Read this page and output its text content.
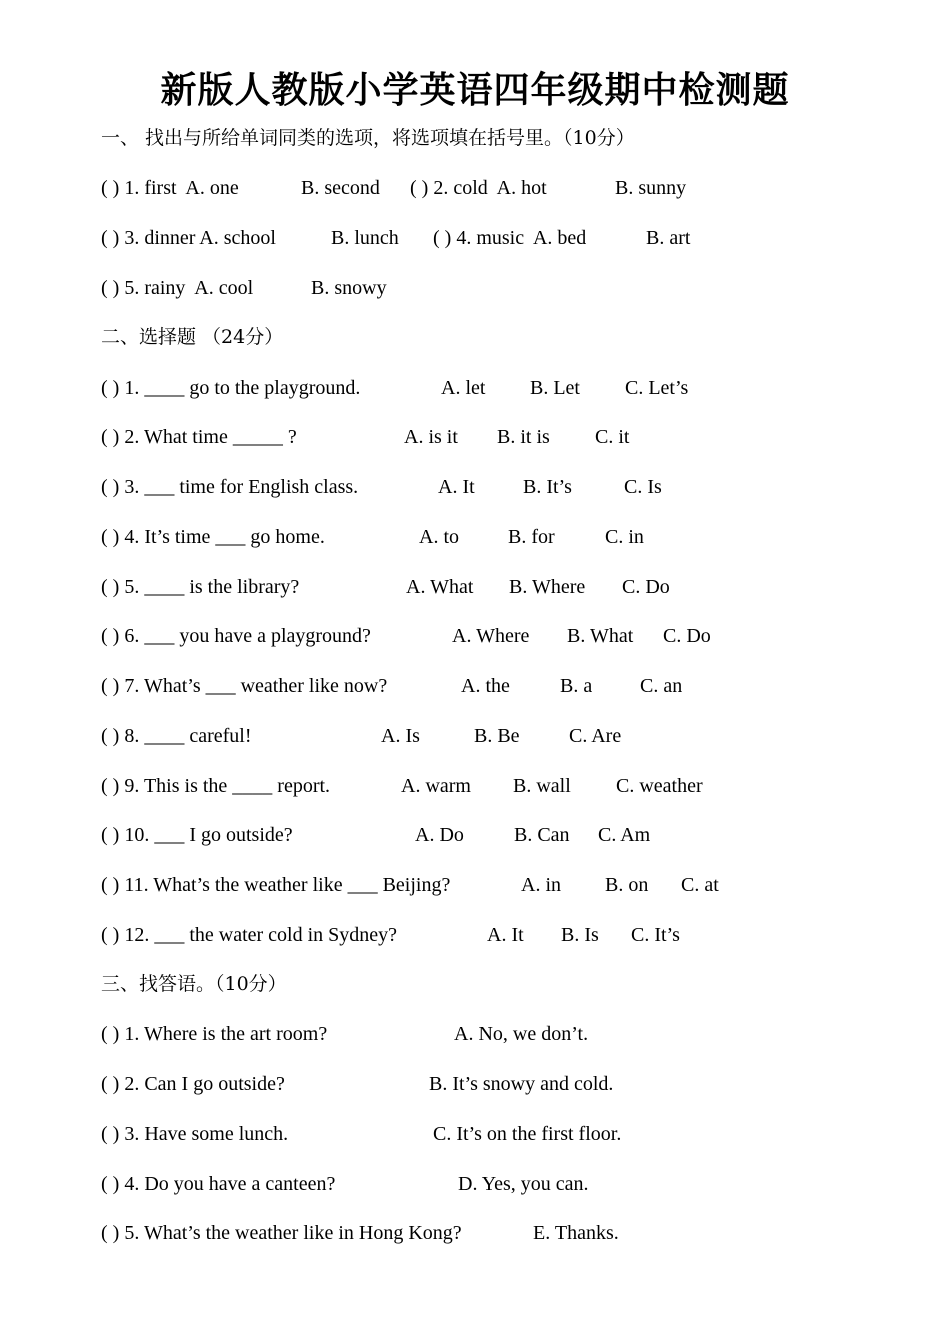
新版人教版小学英语四年级期中检测题
一、 找出与所给单词同类的选项，将选项填在括号里。（10分）
( ) 1. first  A. one	B. second ( ) 2. cold  A. hot	B. sunny
( ) 3. dinner A. school	B. lunch ( ) 4. music  A. bed	B. art
( ) 5. rainy  A. cool	B. snowy
二、选择题 （24分）
( ) 1. ____ go to the playground.	A. let B. Let C. Let’s
( ) 2. What time _____ ?	A. is it B. it is C. it
( ) 3. ___ time for English class.	A. It B. It’s	C. Is
( ) 4. It’s time ___ go home.	A. to B. for	C. in
( ) 5. ____ is the library?	A. What B. Where C. Do
( ) 6. ___ you have a playground?	A. Where B. What C. Do
( ) 7. What’s ___ weather like now?	A. the	B. a C. an
( ) 8. ____ careful!	A. Is	B. Be C. Are
( ) 9. This is the ____ report.	A. warm B. wall C. weather
( ) 10. ___ I go outside?	A. Do	B. Can C. Am
( ) 11. What’s the weather like ___ Beijing?	A. in B. on C. at
( ) 12. ___ the water cold in Sydney?	A. It B. Is C. It’s
三、找答语。（10分）
( ) 1. Where is the art room?	A. No, we don’t.
( ) 2. Can I go outside?	B. It’s snowy and cold.
( ) 3. Have some lunch.	C. It’s on the first floor.
( ) 4. Do you have a canteen?	D. Yes, you can.
( ) 5. What’s the weather like in Hong Kong?	E. Thanks.
